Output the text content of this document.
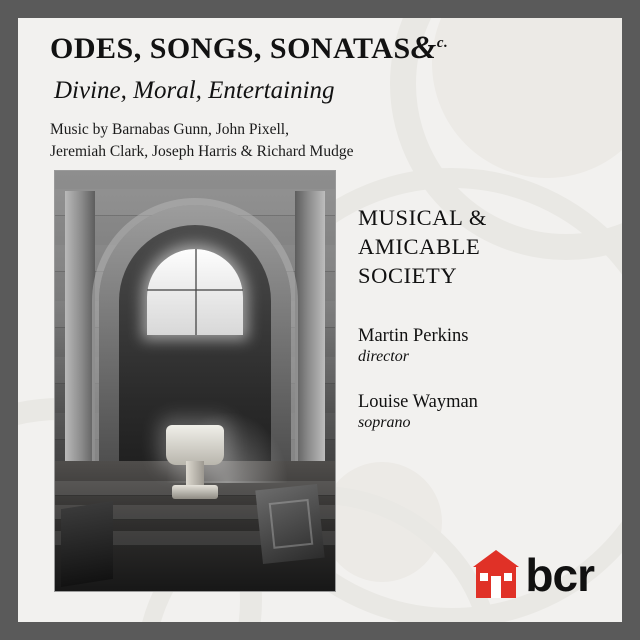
ODES, SONGS, SONATAS&$^{c.}$
Divine, Moral, Entertaining
Music by Barnabas Gunn, John Pixell,
Jeremiah Clark, Joseph Harris & Richard Mudge

MUSICAL &
AMICABLE
SOCIETY

Martin Perkins

director

Louise Wayman

soprano

bcr
